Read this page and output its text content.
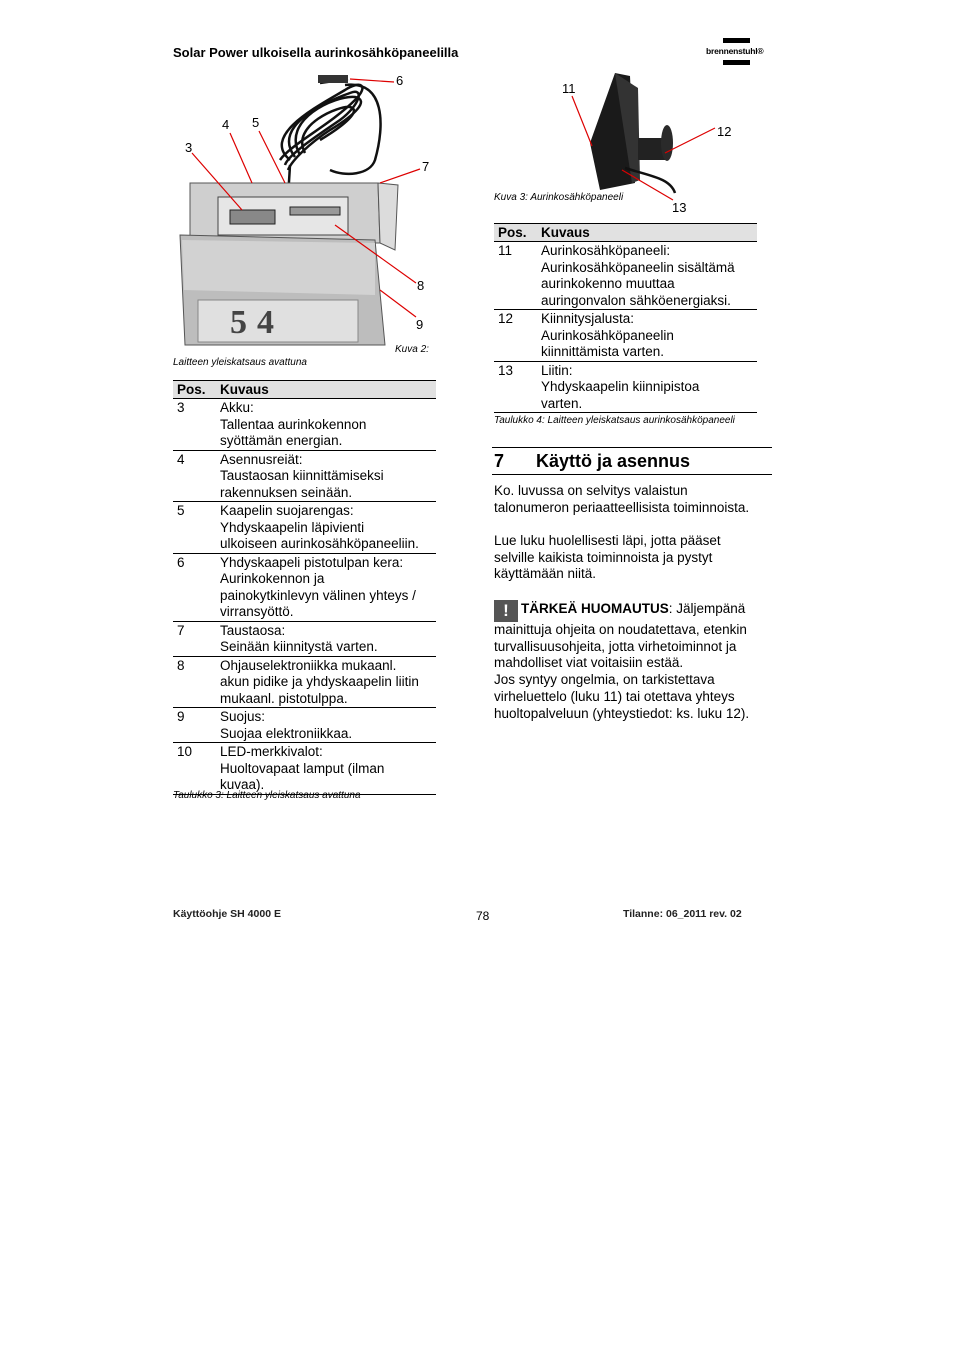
Solar Power ulkoisella aurinkosähköpaneelilla	brennenstuhl®
54
3
4 5
6
7
8
9
Kuva 2:
Laitteen yleiskatsaus avattuna
Pos.	Kuvaus
3	Akku:
Tallentaa aurinkokennon
syöttämän energian.

4	Asennusreiät:
Taustaosan kiinnittämiseksi
rakennuksen seinään.

5	Kaapelin suojarengas:
Yhdyskaapelin läpivienti
ulkoiseen aurinkosähköpaneeliin.

6	Yhdyskaapeli pistotulpan kera:
Aurinkokennon ja
painokytkinlevyn välinen yhteys /
virransyöttö.

7	Taustaosa:
Seinään kiinnitystä varten.

8	Ohjauselektroniikka mukaanl.
akun pidike ja yhdyskaapelin liitin
mukaanl. pistotulppa.

9	Suojus:
Suojaa elektroniikkaa.

10	LED-merkkivalot:
Huoltovapaat lamput (ilman
kuvaa).
Taulukko 3: Laitteen yleiskatsaus avattuna
11
12
13
Kuva 3: Aurinkosähköpaneeli
Pos.	Kuvaus
11	Aurinkosähköpaneeli:
Aurinkosähköpaneelin sisältämä
aurinkokenno muuttaa
auringonvalon sähköenergiaksi.

12	Kiinnitysjalusta:
Aurinkosähköpaneelin
kiinnittämista varten.

13	Liitin:
Yhdyskaapelin kiinnipistoa
varten.
Taulukko 4: Laitteen yleiskatsaus aurinkosähköpaneeli
7 Käyttö ja asennus
Ko. luvussa on selvitys valaistun
talonumeron periaatteellisista toiminnoista.
Lue luku huolellisesti läpi, jotta pääset
selville kaikista toiminnoista ja pystyt
käyttämään niitä.
! TÄRKEÄ HUOMAUTUS: Jäljempänä
mainittuja ohjeita on noudatettava, etenkin
turvallisuusohjeita, jotta virhetoiminnot ja
mahdolliset viat voitaisiin estää.
Jos syntyy ongelmia, on tarkistettava
virheluettelo (luku 11) tai otettava yhteys
huoltopalveluun (yhteystiedot: ks. luku 12).
Käyttöohje SH 4000 E	78	Tilanne: 06_2011 rev. 02
